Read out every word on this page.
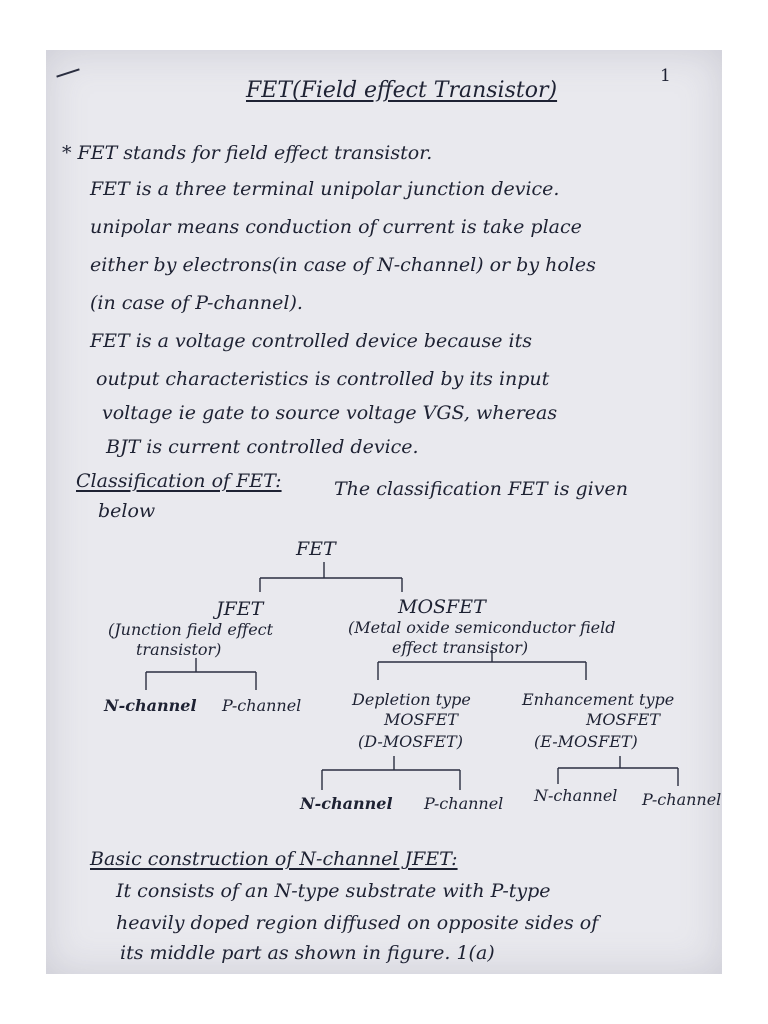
1
FET(Field effect Transistor)
* FET stands for field effect transistor.
FET is a three terminal unipolar junction device.
unipolar means conduction of current is take place
either by electrons(in case of N-channel) or by holes
(in case of P-channel).
FET is a voltage controlled device because its
output characteristics is controlled by its input
voltage ie gate to source voltage VGS, whereas
BJT is current controlled device.
Classification of FET:	The classification FET is given
below
FET
JFET
(Junction field effect
transistor)
MOSFET
(Metal oxide semiconductor field
effect transistor)
N-channel P-channel	Depletion type
MOSFET
(D-MOSFET)
Enhancement type
MOSFET
(E-MOSFET)
N-channel P-channel N-channel P-channel
Basic construction of N-channel JFET:
It consists of an N-type substrate with P-type
heavily doped region diffused on opposite sides of
its middle part as shown in figure. 1(a)
